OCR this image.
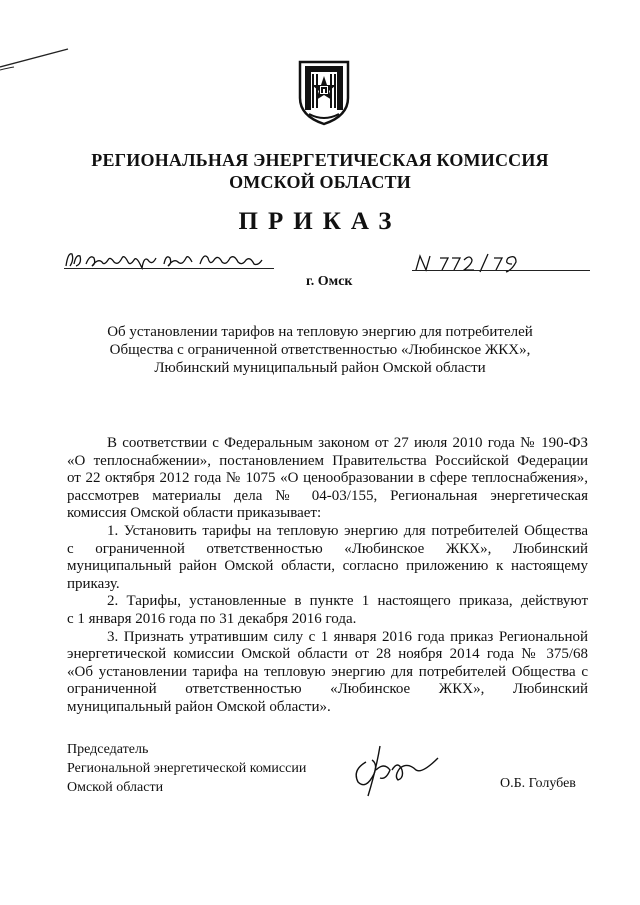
РЕГИОНАЛЬНАЯ ЭНЕРГЕТИЧЕСКАЯ КОМИССИЯ
ОМСКОЙ ОБЛАСТИ
ПРИКАЗ
г. Омск
Об установлении тарифов на тепловую энергию для потребителей
Общества с ограниченной ответственностью «Любинское ЖКХ»,
Любинский муниципальный район Омской области
В соответствии с Федеральным законом от 27 июля 2010 года № 190-ФЗ
«О теплоснабжении», постановлением Правительства Российской Федерации
от 22 октября 2012 года № 1075 «О ценообразовании в сфере теплоснабжения»,
рассмотрев материалы дела № 04-03/155, Региональная энергетическая
комиссия Омской области приказывает:
1. Установить тарифы на тепловую энергию для потребителей Общества
с ограниченной ответственностью «Любинское ЖКХ», Любинский
муниципальный район Омской области, согласно приложению к настоящему
приказу.
2. Тарифы, установленные в пункте 1 настоящего приказа, действуют
с 1 января 2016 года по 31 декабря 2016 года.
3. Признать утратившим силу с 1 января 2016 года приказ Региональной
энергетической комиссии Омской области от 28 ноября 2014 года № 375/68
«Об установлении тарифа на тепловую энергию для потребителей Общества с
ограниченной ответственностью «Любинское ЖКХ», Любинский
муниципальный район Омской области».
Председатель
Региональной энергетической комиссии
Омской области	О.Б. Голубев
